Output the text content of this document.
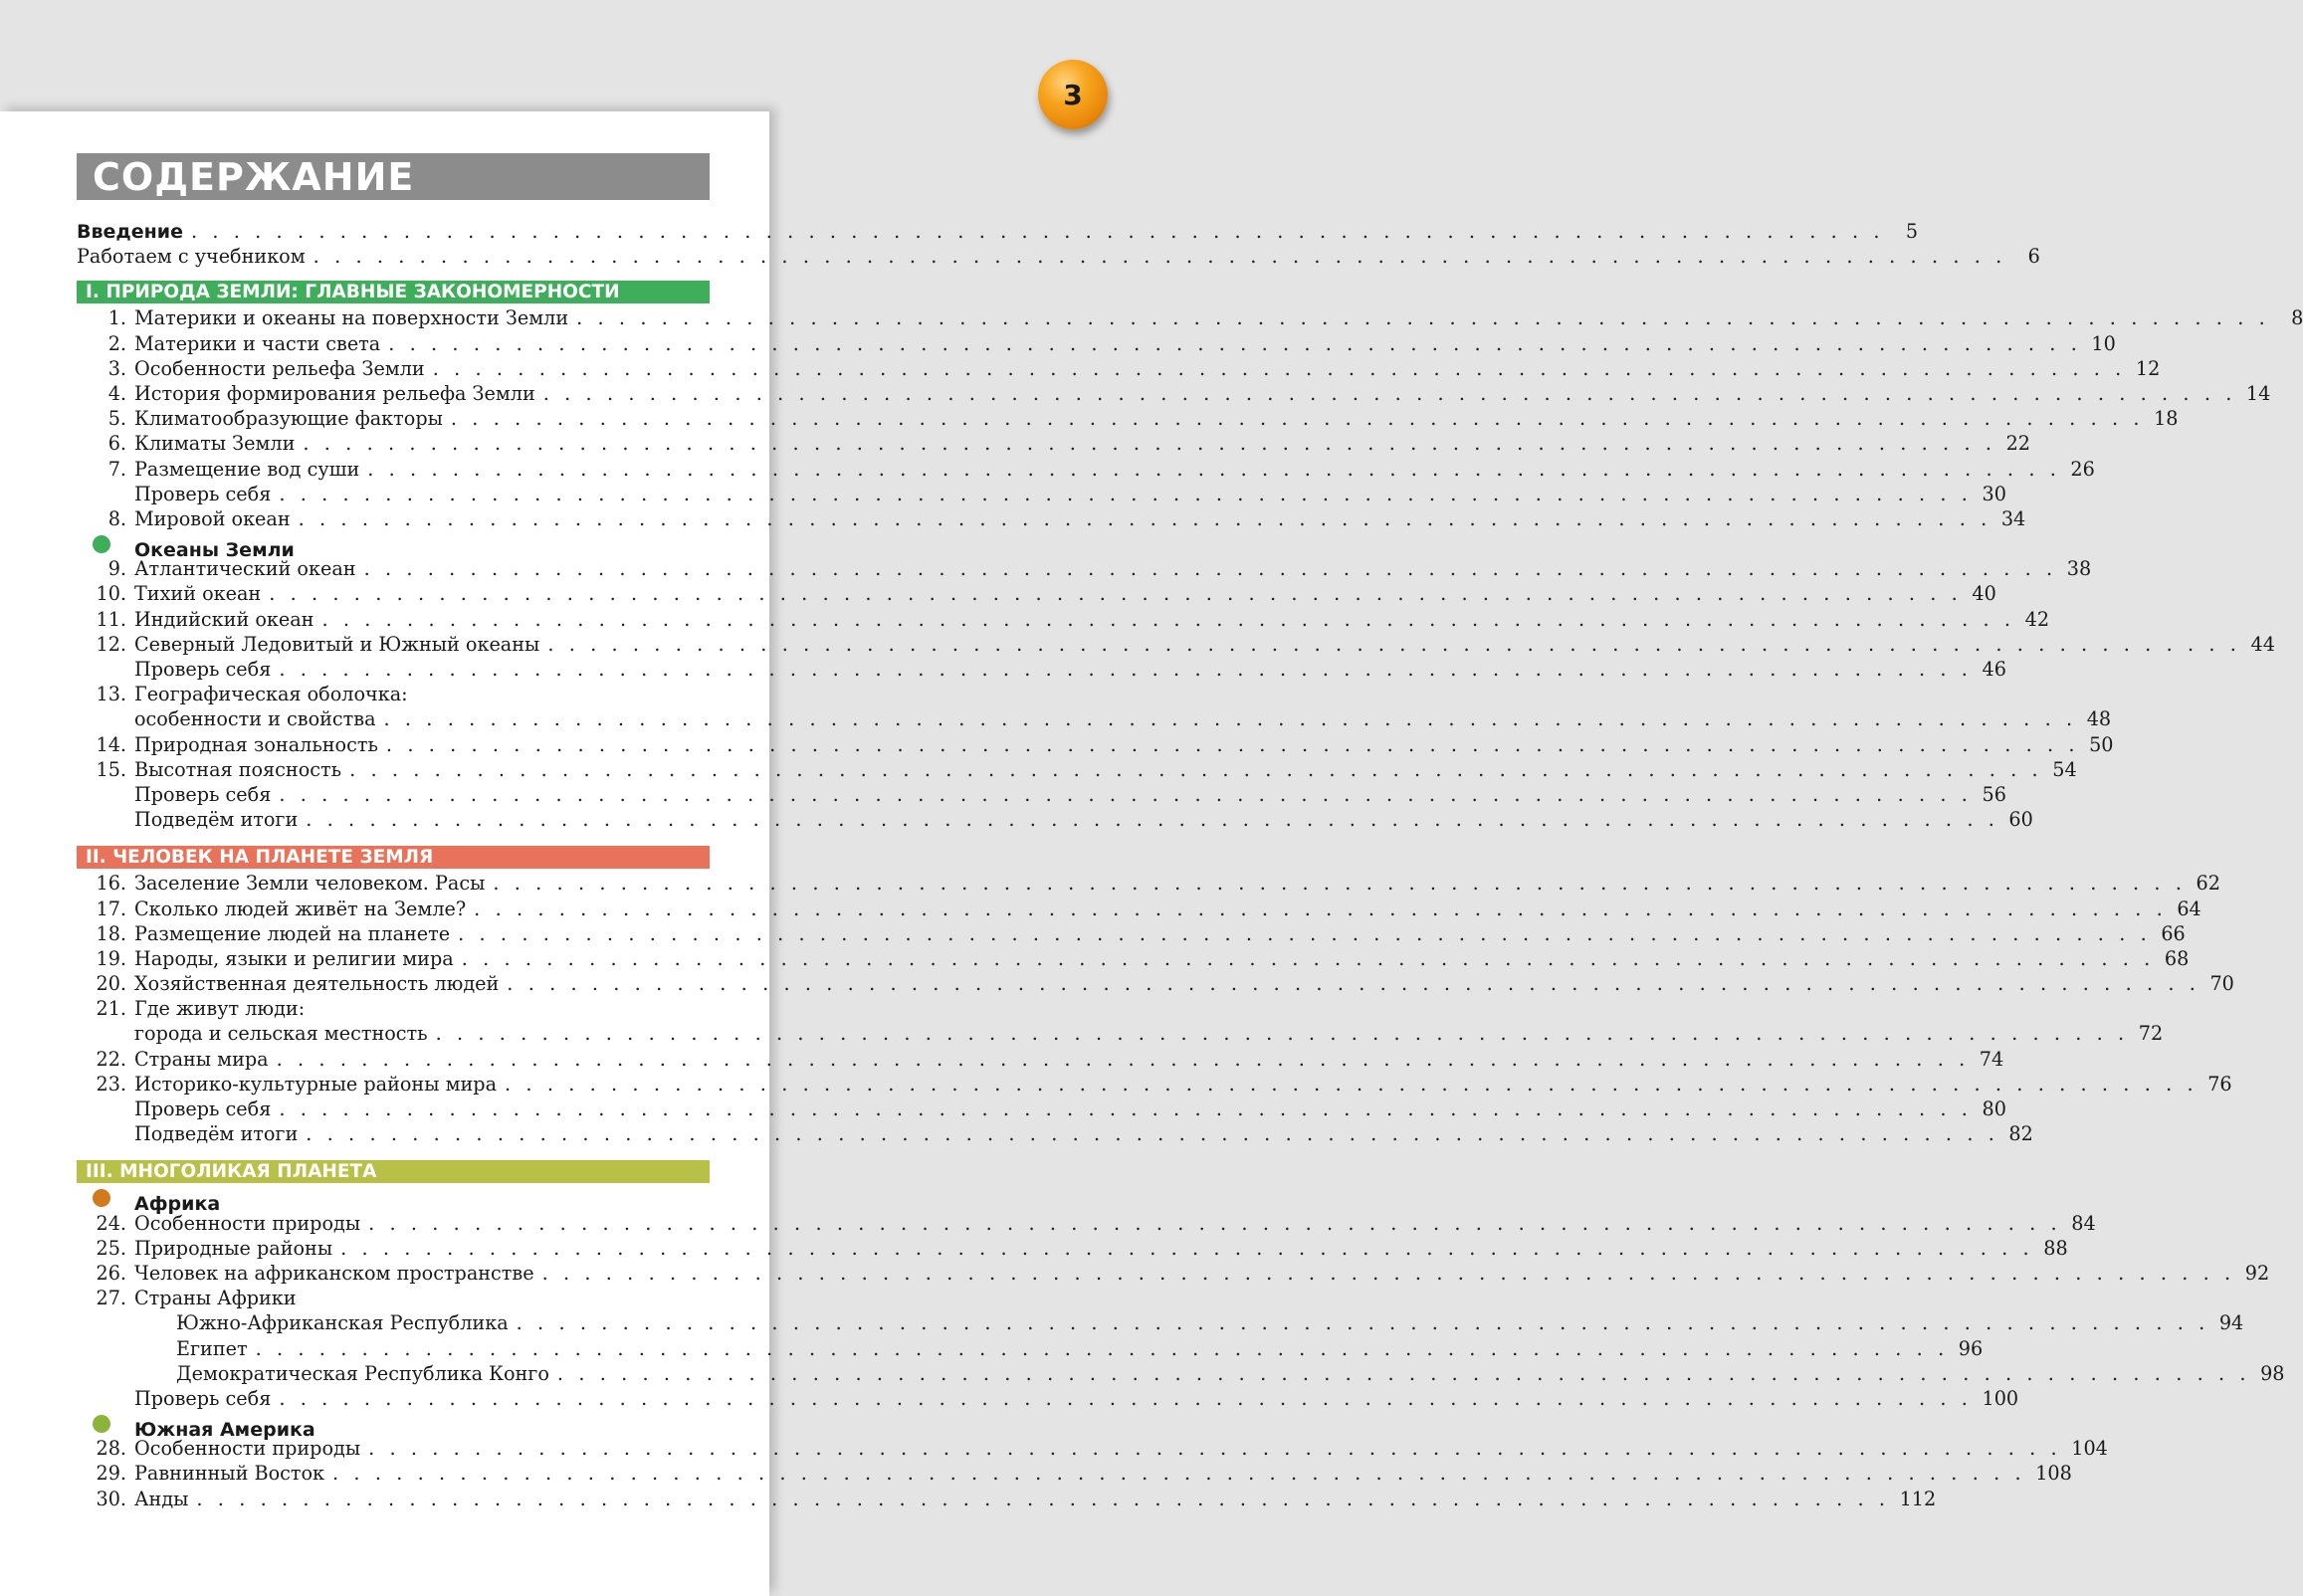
3
СОДЕРЖАНИЕ
Введение . . . . . . . . . . . . . . . . . . . . . . . . . . . . . . . . . . . . . . . . . . . . . . . . . . . . . . . . . . . . . . . . . . . . . . . . . . . . . . . .	5
Работаем с учебником . . . . . . . . . . . . . . . . . . . . . . . . . . . . . . . . . . . . . . . . . . . . . . . . . . . . . . . . . . . . . . . . . . . . . . . . . . . . . . . .	6
I. ПРИРОДА ЗЕМЛИ: ГЛАВНЫЕ ЗАКОНОМЕРНОСТИ
1. Материки и океаны на поверхности Земли . . . . . . . . . . . . . . . . . . . . . . . . . . . . . . . . . . . . . . . . . . . . . . . . . . . . . . . . . . . . . . . . . . . . . . . . . . . . . . . .	8
2. Материки и части света . . . . . . . . . . . . . . . . . . . . . . . . . . . . . . . . . . . . . . . . . . . . . . . . . . . . . . . . . . . . . . . . . . . . . . . . . . . . . . . . 10
3. Особенности рельефа Земли . . . . . . . . . . . . . . . . . . . . . . . . . . . . . . . . . . . . . . . . . . . . . . . . . . . . . . . . . . . . . . . . . . . . . . . . . . . . . . . . 12
4. История формирования рельефа Земли . . . . . . . . . . . . . . . . . . . . . . . . . . . . . . . . . . . . . . . . . . . . . . . . . . . . . . . . . . . . . . . . . . . . . . . . . . . . . . . . 14
5. Климатообразующие факторы . . . . . . . . . . . . . . . . . . . . . . . . . . . . . . . . . . . . . . . . . . . . . . . . . . . . . . . . . . . . . . . . . . . . . . . . . . . . . . . . 18
6. Климаты Земли . . . . . . . . . . . . . . . . . . . . . . . . . . . . . . . . . . . . . . . . . . . . . . . . . . . . . . . . . . . . . . . . . . . . . . . . . . . . . . . . 22
7. Размещение вод суши . . . . . . . . . . . . . . . . . . . . . . . . . . . . . . . . . . . . . . . . . . . . . . . . . . . . . . . . . . . . . . . . . . . . . . . . . . . . . . . . 26
Проверь себя . . . . . . . . . . . . . . . . . . . . . . . . . . . . . . . . . . . . . . . . . . . . . . . . . . . . . . . . . . . . . . . . . . . . . . . . . . . . . . . . 30
8. Мировой океан . . . . . . . . . . . . . . . . . . . . . . . . . . . . . . . . . . . . . . . . . . . . . . . . . . . . . . . . . . . . . . . . . . . . . . . . . . . . . . . . 34
Океаны Земли
9. Атлантический океан . . . . . . . . . . . . . . . . . . . . . . . . . . . . . . . . . . . . . . . . . . . . . . . . . . . . . . . . . . . . . . . . . . . . . . . . . . . . . . . . 38
10. Тихий океан . . . . . . . . . . . . . . . . . . . . . . . . . . . . . . . . . . . . . . . . . . . . . . . . . . . . . . . . . . . . . . . . . . . . . . . . . . . . . . . . 40
11. Индийский океан . . . . . . . . . . . . . . . . . . . . . . . . . . . . . . . . . . . . . . . . . . . . . . . . . . . . . . . . . . . . . . . . . . . . . . . . . . . . . . . . 42
12. Северный Ледовитый и Южный океаны . . . . . . . . . . . . . . . . . . . . . . . . . . . . . . . . . . . . . . . . . . . . . . . . . . . . . . . . . . . . . . . . . . . . . . . . . . . . . . . . 44
Проверь себя . . . . . . . . . . . . . . . . . . . . . . . . . . . . . . . . . . . . . . . . . . . . . . . . . . . . . . . . . . . . . . . . . . . . . . . . . . . . . . . . 46
13. Географическая оболочка:
особенности и свойства . . . . . . . . . . . . . . . . . . . . . . . . . . . . . . . . . . . . . . . . . . . . . . . . . . . . . . . . . . . . . . . . . . . . . . . . . . . . . . . . 48
14. Природная зональность . . . . . . . . . . . . . . . . . . . . . . . . . . . . . . . . . . . . . . . . . . . . . . . . . . . . . . . . . . . . . . . . . . . . . . . . . . . . . . . . 50
15. Высотная поясность . . . . . . . . . . . . . . . . . . . . . . . . . . . . . . . . . . . . . . . . . . . . . . . . . . . . . . . . . . . . . . . . . . . . . . . . . . . . . . . . 54
Проверь себя . . . . . . . . . . . . . . . . . . . . . . . . . . . . . . . . . . . . . . . . . . . . . . . . . . . . . . . . . . . . . . . . . . . . . . . . . . . . . . . . 56
Подведём итоги . . . . . . . . . . . . . . . . . . . . . . . . . . . . . . . . . . . . . . . . . . . . . . . . . . . . . . . . . . . . . . . . . . . . . . . . . . . . . . . . 60
II. ЧЕЛОВЕК НА ПЛАНЕТЕ ЗЕМЛЯ
16. Заселение Земли человеком. Расы . . . . . . . . . . . . . . . . . . . . . . . . . . . . . . . . . . . . . . . . . . . . . . . . . . . . . . . . . . . . . . . . . . . . . . . . . . . . . . . . 62
17. Сколько людей живёт на Земле? . . . . . . . . . . . . . . . . . . . . . . . . . . . . . . . . . . . . . . . . . . . . . . . . . . . . . . . . . . . . . . . . . . . . . . . . . . . . . . . . 64
18. Размещение людей на планете . . . . . . . . . . . . . . . . . . . . . . . . . . . . . . . . . . . . . . . . . . . . . . . . . . . . . . . . . . . . . . . . . . . . . . . . . . . . . . . . 66
19. Народы, языки и религии мира . . . . . . . . . . . . . . . . . . . . . . . . . . . . . . . . . . . . . . . . . . . . . . . . . . . . . . . . . . . . . . . . . . . . . . . . . . . . . . . . 68
20. Хозяйственная деятельность людей . . . . . . . . . . . . . . . . . . . . . . . . . . . . . . . . . . . . . . . . . . . . . . . . . . . . . . . . . . . . . . . . . . . . . . . . . . . . . . . . 70
21. Где живут люди:
города и сельская местность . . . . . . . . . . . . . . . . . . . . . . . . . . . . . . . . . . . . . . . . . . . . . . . . . . . . . . . . . . . . . . . . . . . . . . . . . . . . . . . . 72
22. Страны мира . . . . . . . . . . . . . . . . . . . . . . . . . . . . . . . . . . . . . . . . . . . . . . . . . . . . . . . . . . . . . . . . . . . . . . . . . . . . . . . . 74
23. Историко-культурные районы мира . . . . . . . . . . . . . . . . . . . . . . . . . . . . . . . . . . . . . . . . . . . . . . . . . . . . . . . . . . . . . . . . . . . . . . . . . . . . . . . . 76
Проверь себя . . . . . . . . . . . . . . . . . . . . . . . . . . . . . . . . . . . . . . . . . . . . . . . . . . . . . . . . . . . . . . . . . . . . . . . . . . . . . . . . 80
Подведём итоги . . . . . . . . . . . . . . . . . . . . . . . . . . . . . . . . . . . . . . . . . . . . . . . . . . . . . . . . . . . . . . . . . . . . . . . . . . . . . . . . 82
III. МНОГОЛИКАЯ ПЛАНЕТА
Африка
24. Особенности природы . . . . . . . . . . . . . . . . . . . . . . . . . . . . . . . . . . . . . . . . . . . . . . . . . . . . . . . . . . . . . . . . . . . . . . . . . . . . . . . . 84
25. Природные районы . . . . . . . . . . . . . . . . . . . . . . . . . . . . . . . . . . . . . . . . . . . . . . . . . . . . . . . . . . . . . . . . . . . . . . . . . . . . . . . . 88
26. Человек на африканском пространстве . . . . . . . . . . . . . . . . . . . . . . . . . . . . . . . . . . . . . . . . . . . . . . . . . . . . . . . . . . . . . . . . . . . . . . . . . . . . . . . . 92
27. Страны Африки
Южно-Африканская Республика . . . . . . . . . . . . . . . . . . . . . . . . . . . . . . . . . . . . . . . . . . . . . . . . . . . . . . . . . . . . . . . . . . . . . . . . . . . . . . . . 94
Египет . . . . . . . . . . . . . . . . . . . . . . . . . . . . . . . . . . . . . . . . . . . . . . . . . . . . . . . . . . . . . . . . . . . . . . . . . . . . . . . . 96
Демократическая Республика Конго . . . . . . . . . . . . . . . . . . . . . . . . . . . . . . . . . . . . . . . . . . . . . . . . . . . . . . . . . . . . . . . . . . . . . . . . . . . . . . . . 98
Проверь себя . . . . . . . . . . . . . . . . . . . . . . . . . . . . . . . . . . . . . . . . . . . . . . . . . . . . . . . . . . . . . . . . . . . . . . . . . . . . . . . . 100
Южная Америка
28. Особенности природы . . . . . . . . . . . . . . . . . . . . . . . . . . . . . . . . . . . . . . . . . . . . . . . . . . . . . . . . . . . . . . . . . . . . . . . . . . . . . . . . 104
29. Равнинный Восток . . . . . . . . . . . . . . . . . . . . . . . . . . . . . . . . . . . . . . . . . . . . . . . . . . . . . . . . . . . . . . . . . . . . . . . . . . . . . . . . 108
30. Анды . . . . . . . . . . . . . . . . . . . . . . . . . . . . . . . . . . . . . . . . . . . . . . . . . . . . . . . . . . . . . . . . . . . . . . . . . . . . . . . . 112
